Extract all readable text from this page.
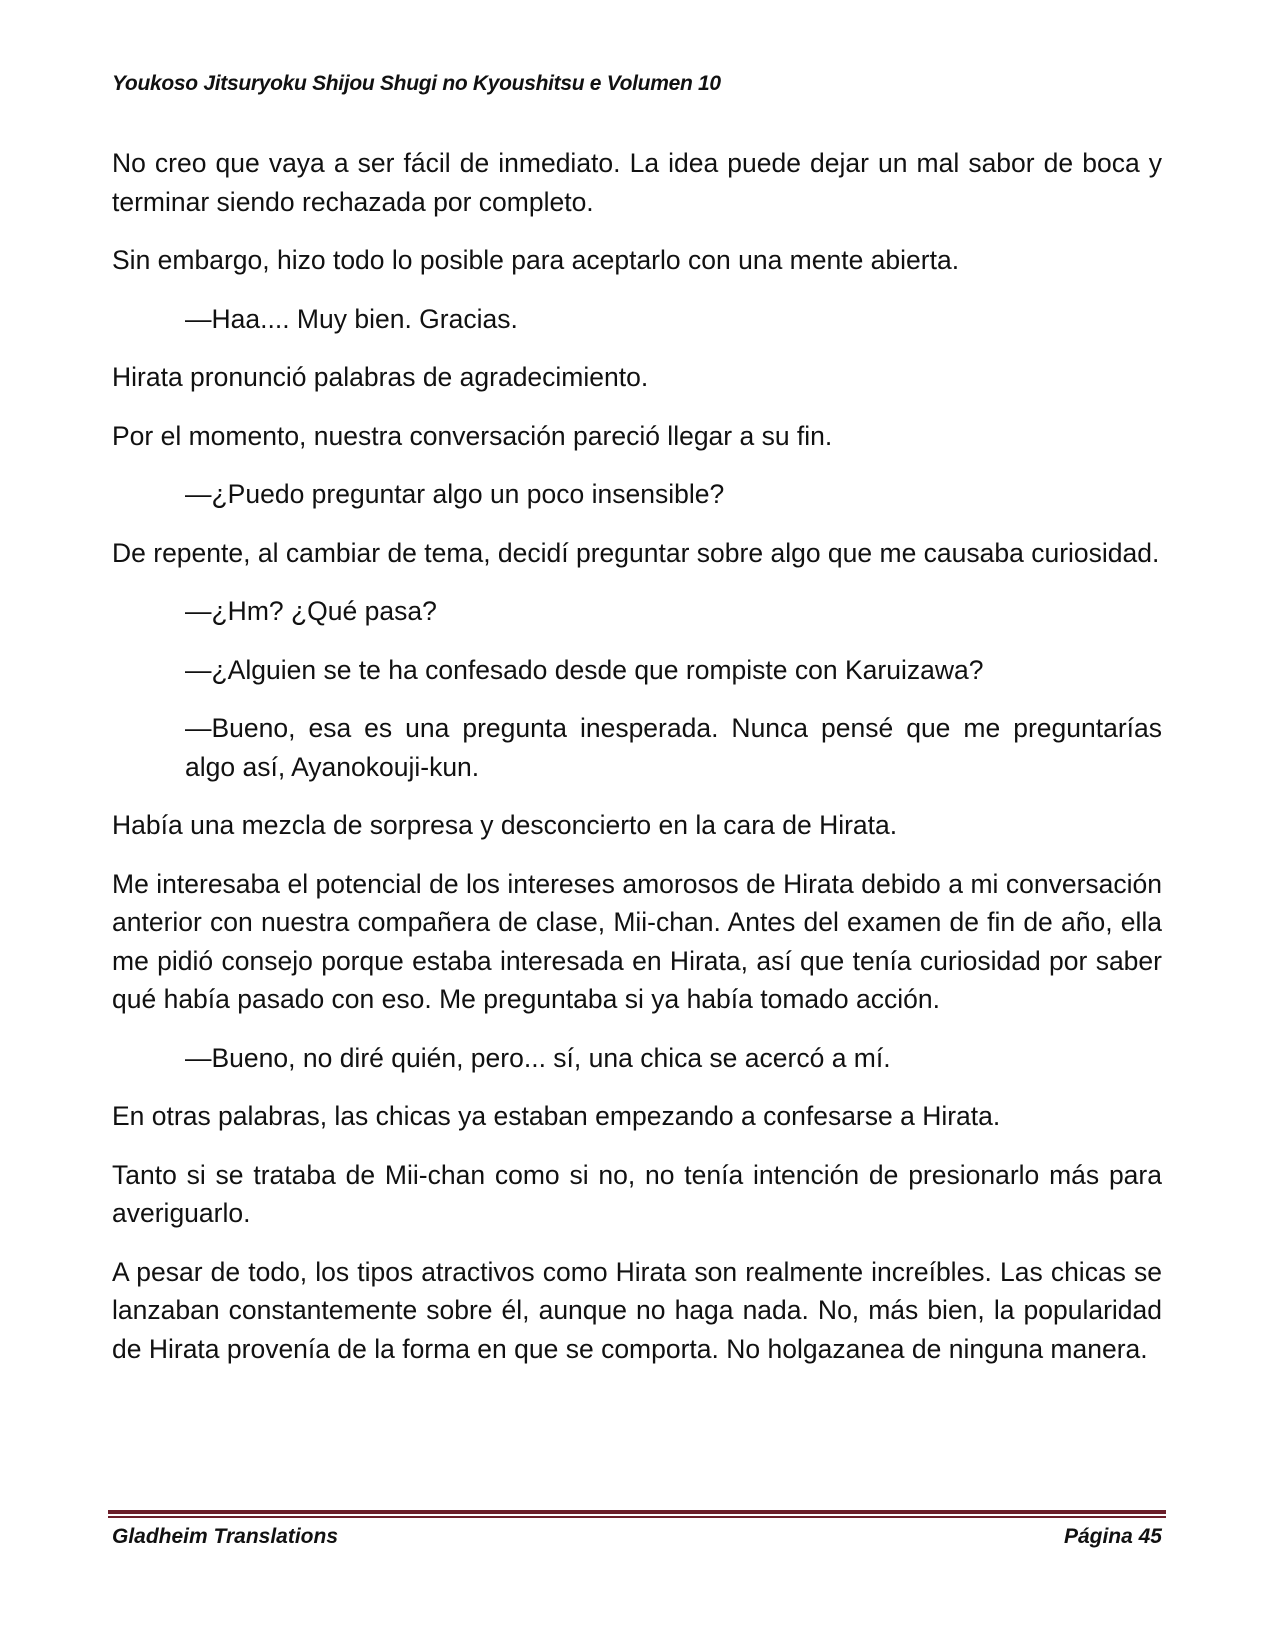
Youkoso Jitsuryoku Shijou Shugi no Kyoushitsu e Volumen 10

No creo que vaya a ser fácil de inmediato. La idea puede dejar un mal sabor de boca y terminar siendo rechazada por completo.

Sin embargo, hizo todo lo posible para aceptarlo con una mente abierta.

—Haa.... Muy bien. Gracias.

Hirata pronunció palabras de agradecimiento.

Por el momento, nuestra conversación pareció llegar a su fin.

—¿Puedo preguntar algo un poco insensible?

De repente, al cambiar de tema, decidí preguntar sobre algo que me causaba curiosidad.

—¿Hm? ¿Qué pasa?

—¿Alguien se te ha confesado desde que rompiste con Karuizawa?

—Bueno, esa es una pregunta inesperada. Nunca pensé que me preguntarías algo así, Ayanokouji-kun.

Había una mezcla de sorpresa y desconcierto en la cara de Hirata.

Me interesaba el potencial de los intereses amorosos de Hirata debido a mi conversación anterior con nuestra compañera de clase, Mii-chan. Antes del examen de fin de año, ella me pidió consejo porque estaba interesada en Hirata, así que tenía curiosidad por saber qué había pasado con eso. Me preguntaba si ya había tomado acción.

—Bueno, no diré quién, pero... sí, una chica se acercó a mí.

En otras palabras, las chicas ya estaban empezando a confesarse a Hirata.

Tanto si se trataba de Mii-chan como si no, no tenía intención de presionarlo más para averiguarlo.

A pesar de todo, los tipos atractivos como Hirata son realmente increíbles. Las chicas se lanzaban constantemente sobre él, aunque no haga nada. No, más bien, la popularidad de Hirata provenía de la forma en que se comporta. No holgazanea de ninguna manera.

Gladheim Translations	Página 45
